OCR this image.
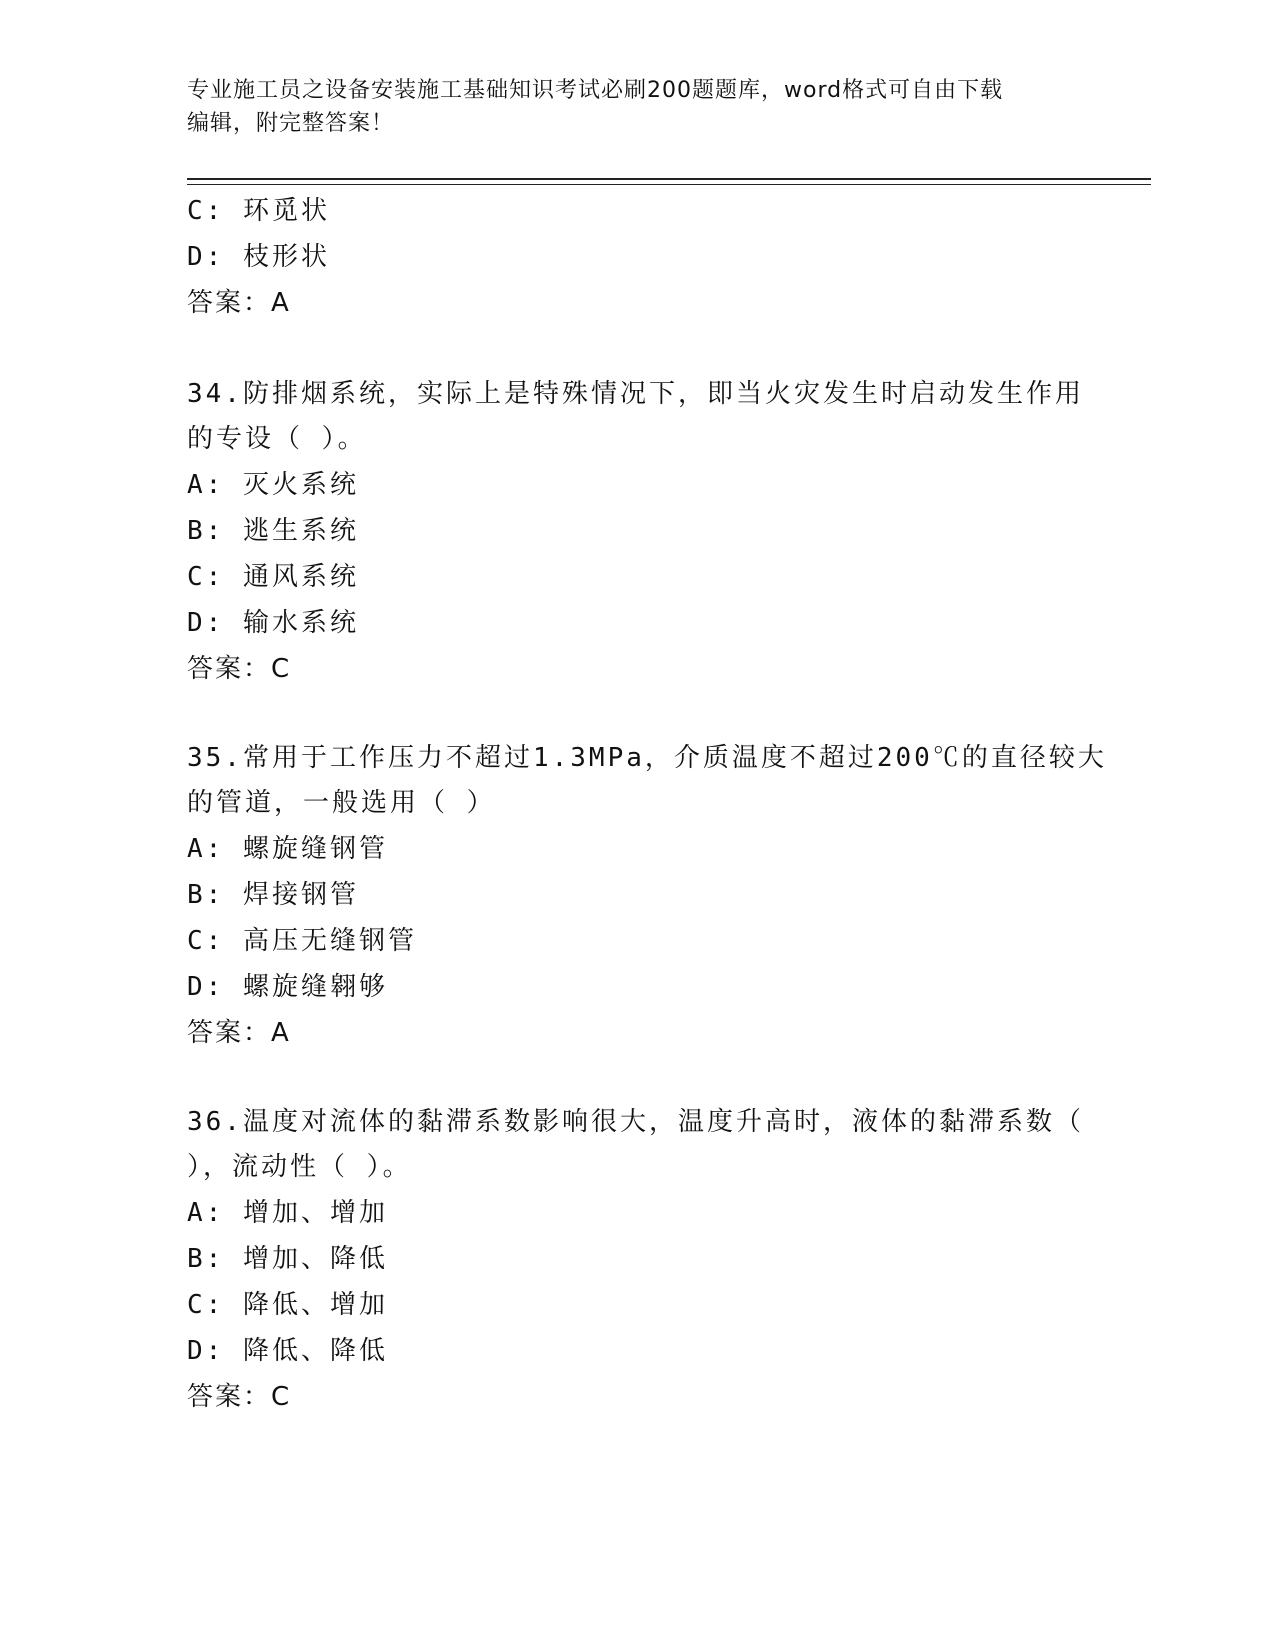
专业施工员之设备安装施工基础知识考试必刷200题题库，word格式可自由下载
编辑，附完整答案！
C: 环觅状
D: 枝形状
答案：A
34.防排烟系统，实际上是特殊情况下，即当火灾发生时启动发生作用
的专设（ ）。
A: 灭火系统
B: 逃生系统
C: 通风系统
D: 输水系统
答案：C
35.常用于工作压力不超过1.3MPa，介质温度不超过200℃的直径较大
的管道，一般选用（ ）
A: 螺旋缝钢管
B: 焊接钢管
C: 高压无缝钢管
D: 螺旋缝翱够
答案：A
36.温度对流体的黏滞系数影响很大，温度升高时，液体的黏滞系数（
），流动性（ ）。
A: 增加、增加
B: 增加、降低
C: 降低、增加
D: 降低、降低
答案：C
